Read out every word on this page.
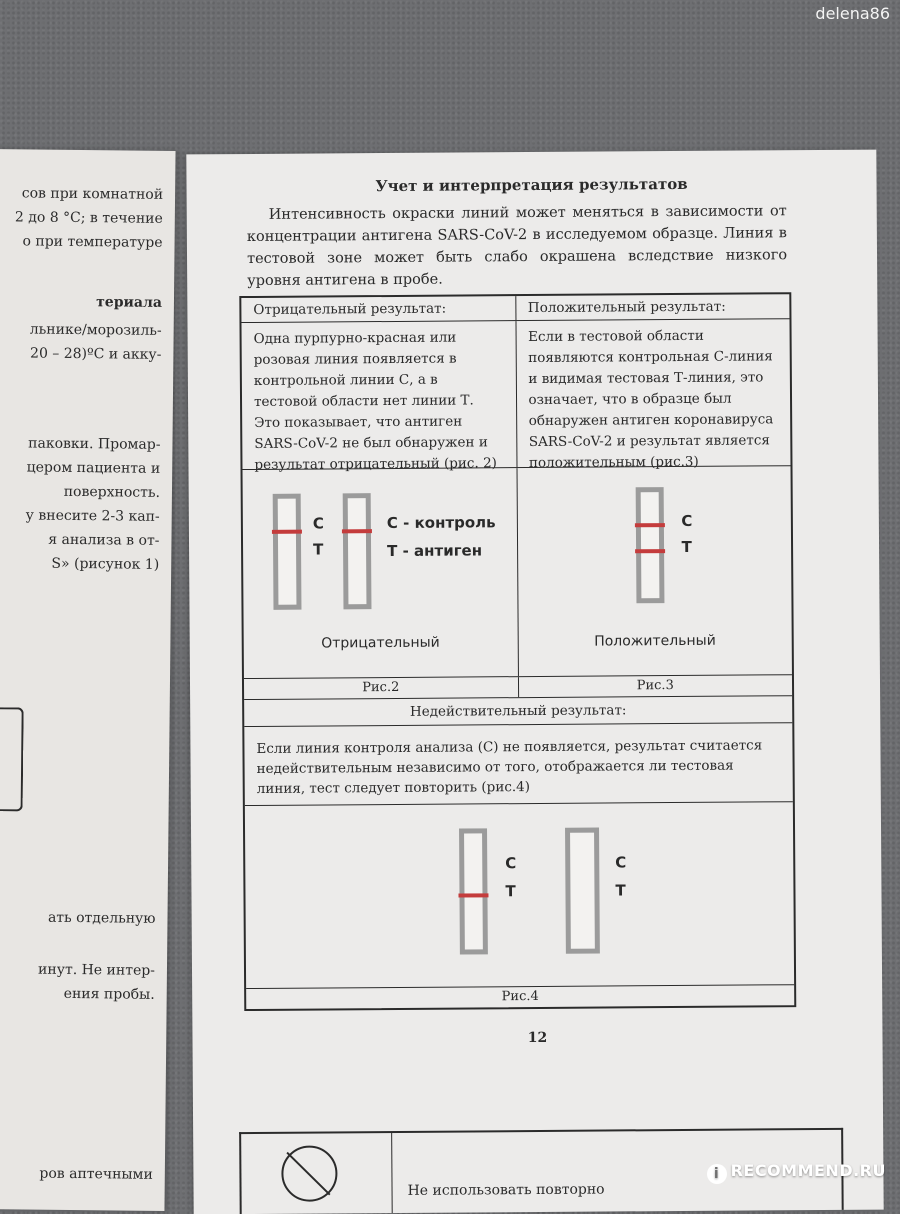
delena86
сов при комнатной
2 до 8 °С; в течение
о при температуре
териала
льнике/морозиль-
20 – 28)ºС и акку-
паковки. Промар-
цером пациента и
поверхность.
у внесите 2-3 кап-
я анализа в от-
S» (рисунок 1)
ать отдельную
инут. Не интер-
ения пробы.
ров аптечными
Учет и интерпретация результатов

Интенсивность окраски линий может меняться в зависимости от концентрации антигена SARS-CoV-2 в исследуемом образце. Линия в тестовой зоне может быть слабо окрашена вследствие низкого уровня антигена в пробе.

Отрицательный результат:	Положительный результат:
Одна пурпурно-красная или розовая линия появляется в контрольной линии С, а в тестовой области нет линии Т. Это показывает, что антиген SARS-CoV-2 не был обнаружен и результат отрицательный (рис. 2)
Если в тестовой области появляются контрольная С-линия и видимая тестовая Т-линия, это означает, что в образце был обнаружен антиген коронавируса SARS-CoV-2 и результат является положительным (рис.3)
С
Т
С - контроль
Т - антиген
Отрицательный
С
Т
Положительный
Рис.2	Рис.3
Недействительный результат:
Если линия контроля анализа (С) не появляется, результат считается недействительным независимо от того, отображается ли тестовая линия, тест следует повторить (рис.4)
С
Т
С
Т
Рис.4
12
Не использовать повторно
i RECOMMEND.RU
